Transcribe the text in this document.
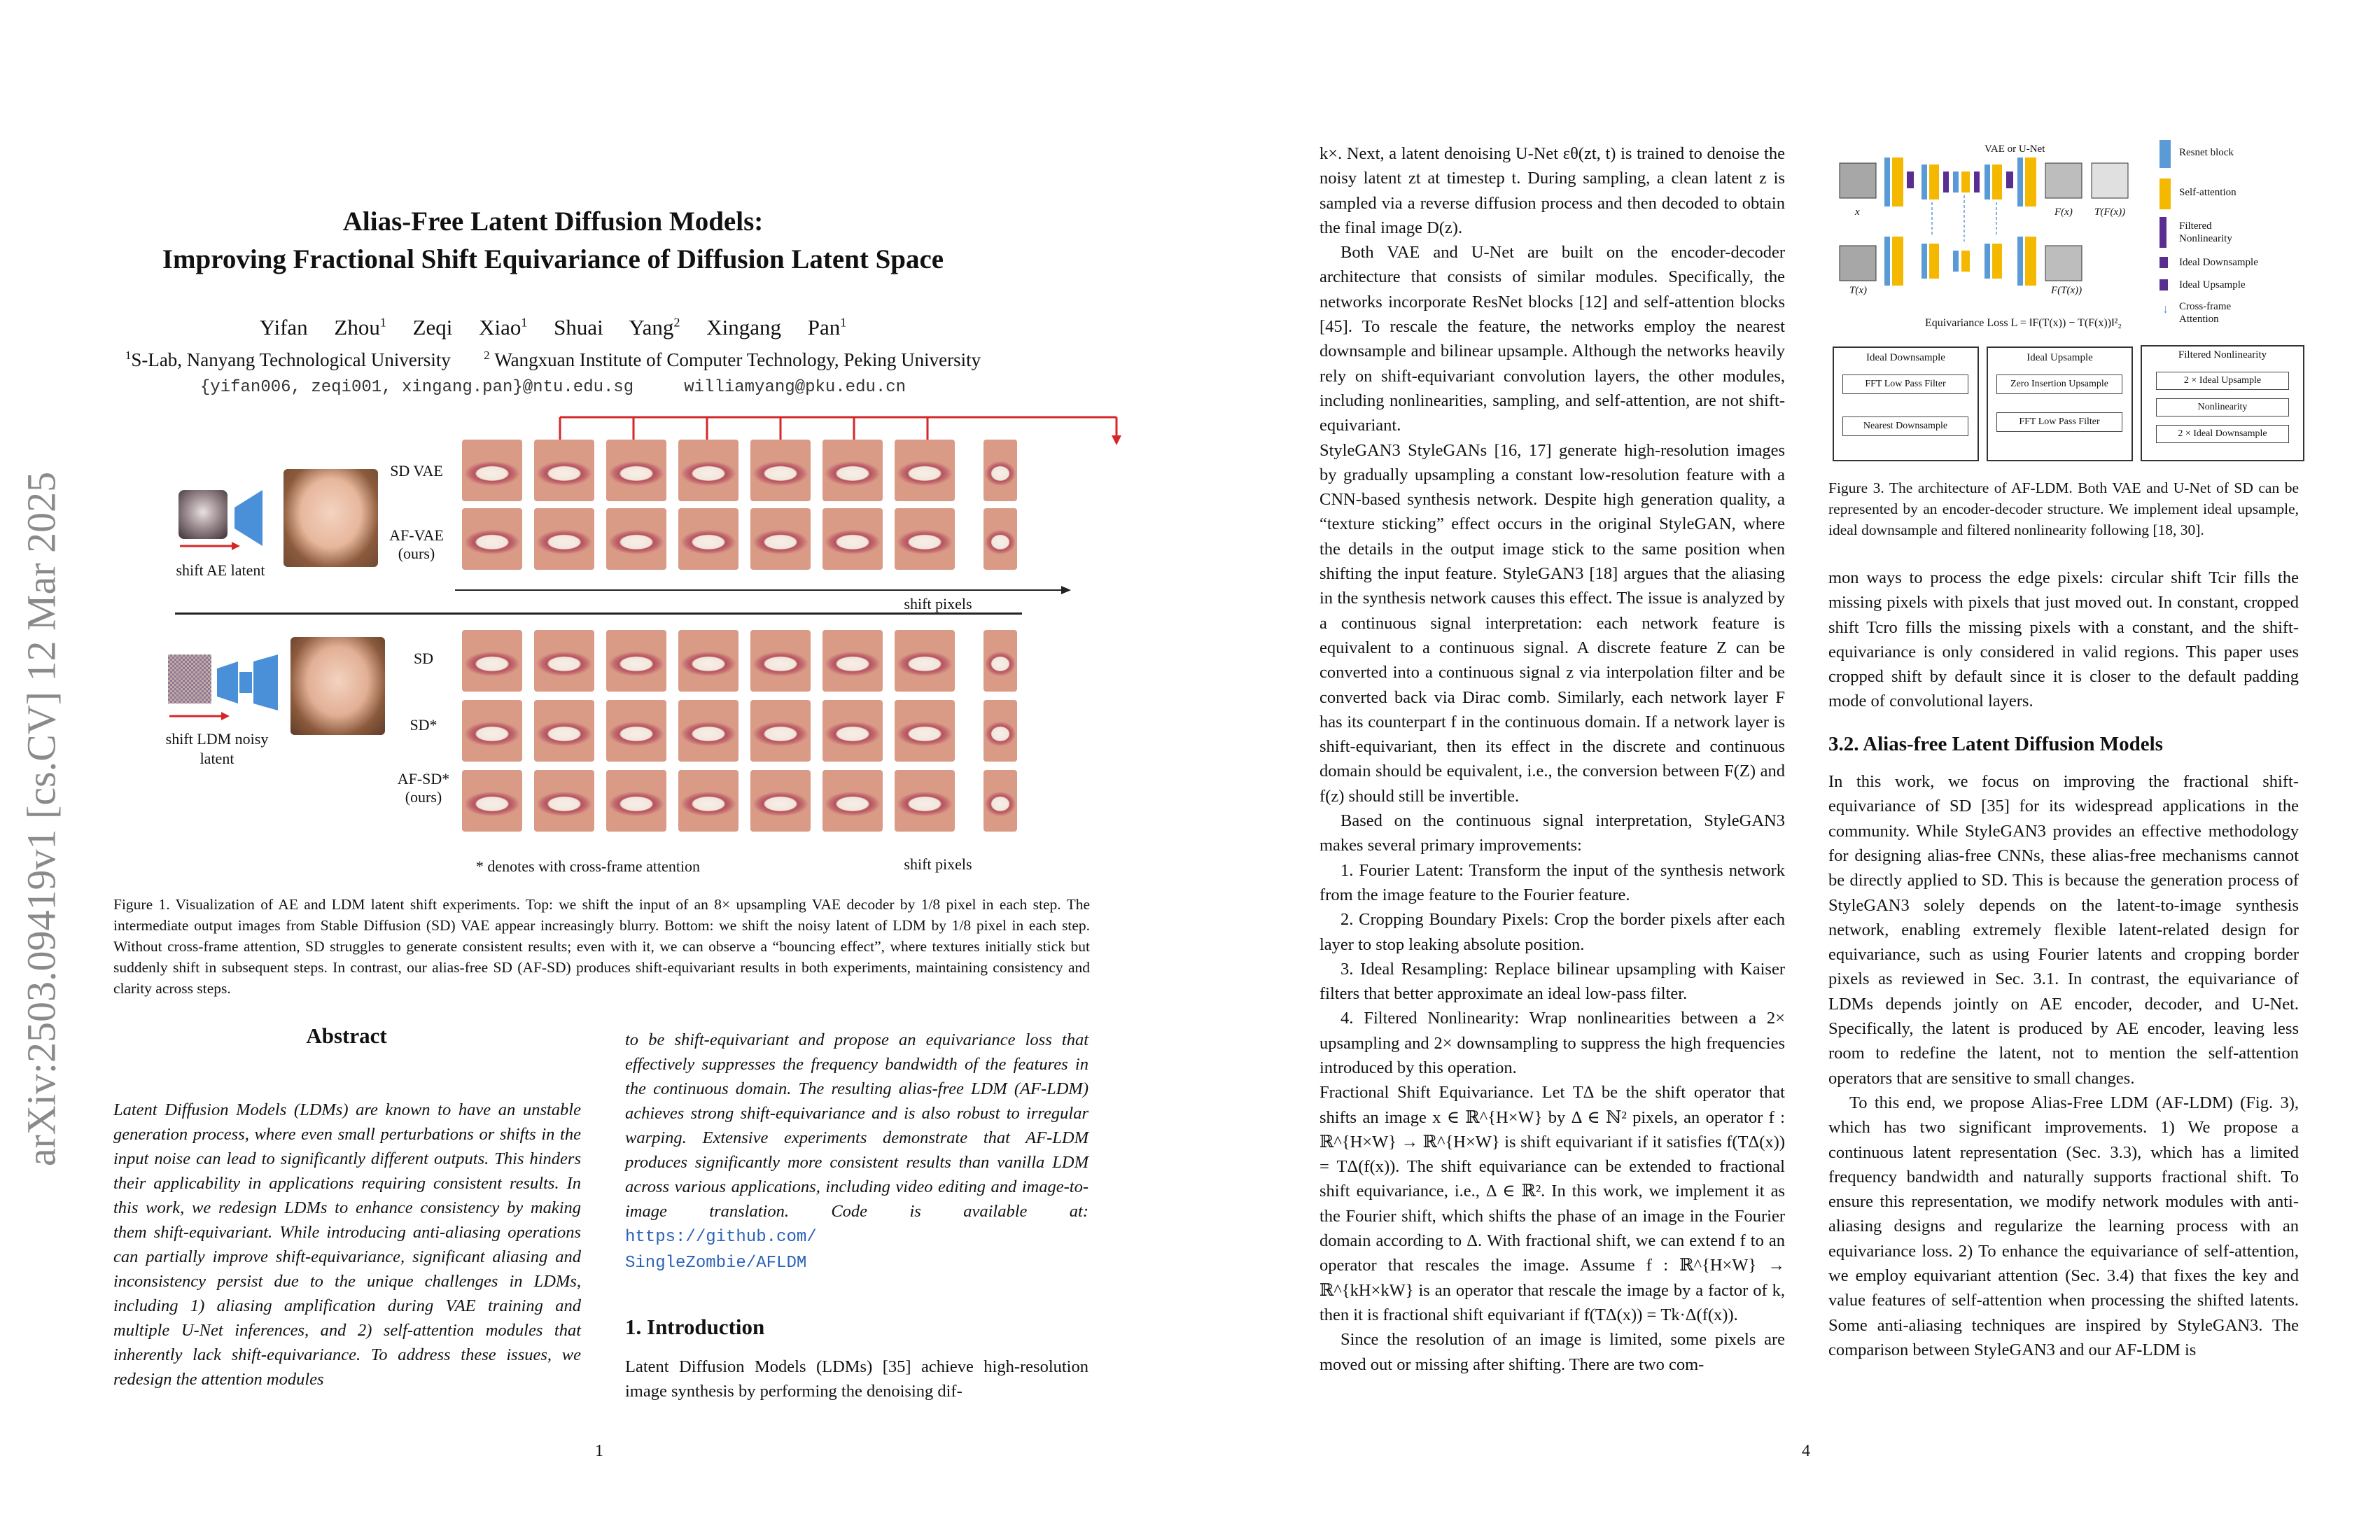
arXiv:2503.09419v1 [cs.CV] 12 Mar 2025
Alias-Free Latent Diffusion Models:
Improving Fractional Shift Equivariance of Diffusion Latent Space
Yifan Zhou$^1$ Zeqi Xiao$^1$ Shuai Yang$^2$ Xingang Pan$^1$
$^1$S-Lab, Nanyang Technological University	$^2$ Wangxuan Institute of Computer Technology, Peking University
{yifan006, zeqi001, xingang.pan}@ntu.edu.sg	williamyang@pku.edu.cn
shift AE latent
SD VAE
AF-VAE
(ours)
shift pixels
shift LDM noisy
latent
SD
SD*
AF-SD*
(ours)
* denotes with cross-frame attention	shift pixels
Figure 1. Visualization of AE and LDM latent shift experiments. Top: we shift the input of an 8× upsampling VAE decoder by 1/8 pixel in each step. The intermediate output images from Stable Diffusion (SD) VAE appear increasingly blurry. Bottom: we shift the noisy latent of LDM by 1/8 pixel in each step. Without cross-frame attention, SD struggles to generate consistent results; even with it, we can observe a “bouncing effect”, where textures initially stick but suddenly shift in subsequent steps. In contrast, our alias-free SD (AF-SD) produces shift-equivariant results in both experiments, maintaining consistency and clarity across steps.
Abstract
Latent Diffusion Models (LDMs) are known to have an unstable generation process, where even small perturbations or shifts in the input noise can lead to significantly different outputs. This hinders their applicability in applications requiring consistent results. In this work, we redesign LDMs to enhance consistency by making them shift-equivariant. While introducing anti-aliasing operations can partially improve shift-equivariance, significant aliasing and inconsistency persist due to the unique challenges in LDMs, including 1) aliasing amplification during VAE training and multiple U-Net inferences, and 2) self-attention modules that inherently lack shift-equivariance. To address these issues, we redesign the attention modules
to be shift-equivariant and propose an equivariance loss that effectively suppresses the frequency bandwidth of the features in the continuous domain. The resulting alias-free LDM (AF-LDM) achieves strong shift-equivariance and is also robust to irregular warping. Extensive experiments demonstrate that AF-LDM produces significantly more consistent results than vanilla LDM across various applications, including video editing and image-to-image translation. Code is available at: https://github.com/
SingleZombie/AFLDM
1. Introduction
Latent Diffusion Models (LDMs) [35] achieve high-resolution image synthesis by performing the denoising dif-
1

k×. Next, a latent denoising U-Net εθ(zt, t) is trained to denoise the noisy latent zt at timestep t. During sampling, a clean latent z is sampled via a reverse diffusion process and then decoded to obtain the final image D(z).

Both VAE and U-Net are built on the encoder-decoder architecture that consists of similar modules. Specifically, the networks incorporate ResNet blocks [12] and self-attention blocks [45]. To rescale the feature, the networks employ the nearest downsample and bilinear upsample. Although the networks heavily rely on shift-equivariant convolution layers, the other modules, including nonlinearities, sampling, and self-attention, are not shift-equivariant.

StyleGAN3 StyleGANs [16, 17] generate high-resolution images by gradually upsampling a constant low-resolution feature with a CNN-based synthesis network. Despite high generation quality, a “texture sticking” effect occurs in the original StyleGAN, where the details in the output image stick to the same position when shifting the input feature. StyleGAN3 [18] argues that the aliasing in the synthesis network causes this effect. The issue is analyzed by a continuous signal interpretation: each network feature is equivalent to a continuous signal. A discrete feature Z can be converted into a continuous signal z via interpolation filter and be converted back via Dirac comb. Similarly, each network layer F has its counterpart f in the continuous domain. If a network layer is shift-equivariant, then its effect in the discrete and continuous domain should be equivalent, i.e., the conversion between F(Z) and f(z) should still be invertible.

Based on the continuous signal interpretation, StyleGAN3 makes several primary improvements:

1. Fourier Latent: Transform the input of the synthesis network from the image feature to the Fourier feature.

2. Cropping Boundary Pixels: Crop the border pixels after each layer to stop leaking absolute position.

3. Ideal Resampling: Replace bilinear upsampling with Kaiser filters that better approximate an ideal low-pass filter.

4. Filtered Nonlinearity: Wrap nonlinearities between a 2× upsampling and 2× downsampling to suppress the high frequencies introduced by this operation.

Fractional Shift Equivariance. Let TΔ be the shift operator that shifts an image x ∈ ℝ^{H×W} by Δ ∈ ℕ² pixels, an operator f : ℝ^{H×W} → ℝ^{H×W} is shift equivariant if it satisfies f(TΔ(x)) = TΔ(f(x)). The shift equivariance can be extended to fractional shift equivariance, i.e., Δ ∈ ℝ². In this work, we implement it as the Fourier shift, which shifts the phase of an image in the Fourier domain according to Δ. With fractional shift, we can extend f to an operator that rescales the image. Assume f : ℝ^{H×W} → ℝ^{kH×kW} is an operator that rescale the image by a factor of k, then it is fractional shift equivariant if f(TΔ(x)) = Tk·Δ(f(x)).

Since the resolution of an image is limited, some pixels are moved out or missing after shifting. There are two com-

VAE or U-Net
x
T(x)
F(x) T(F(x))
F(T(x))
Equivariance Loss L = ‖F(T(x)) − T(F(x))‖²₂
Resnet block
Self-attention
Filtered
Nonlinearity
Ideal Downsample
Ideal Upsample
↓ Cross-frame
Attention
Ideal Downsample
FFT Low Pass Filter
Nearest Downsample
Ideal Upsample
Zero Insertion Upsample
FFT Low Pass Filter
Filtered Nonlinearity
2 × Ideal Upsample
Nonlinearity
2 × Ideal Downsample
Figure 3. The architecture of AF-LDM. Both VAE and U-Net of SD can be represented by an encoder-decoder structure. We implement ideal upsample, ideal downsample and filtered nonlinearity following [18, 30].

mon ways to process the edge pixels: circular shift Tcir fills the missing pixels with pixels that just moved out. In constant, cropped shift Tcro fills the missing pixels with a constant, and the shift-equivariance is only considered in valid regions. This paper uses cropped shift by default since it is closer to the default padding mode of convolutional layers.

3.2. Alias-free Latent Diffusion Models

In this work, we focus on improving the fractional shift-equivariance of SD [35] for its widespread applications in the community. While StyleGAN3 provides an effective methodology for designing alias-free CNNs, these alias-free mechanisms cannot be directly applied to SD. This is because the generation process of StyleGAN3 solely depends on the latent-to-image synthesis network, enabling extremely flexible latent-related design for equivariance, such as using Fourier latents and cropping border pixels as reviewed in Sec. 3.1. In contrast, the equivariance of LDMs depends jointly on AE encoder, decoder, and U-Net. Specifically, the latent is produced by AE encoder, leaving less room to redefine the latent, not to mention the self-attention operators that are sensitive to small changes.

To this end, we propose Alias-Free LDM (AF-LDM) (Fig. 3), which has two significant improvements. 1) We propose a continuous latent representation (Sec. 3.3), which has a limited frequency bandwidth and naturally supports fractional shift. To ensure this representation, we modify network modules with anti-aliasing designs and regularize the learning process with an equivariance loss. 2) To enhance the equivariance of self-attention, we employ equivariant attention (Sec. 3.4) that fixes the key and value features of self-attention when processing the shifted latents. Some anti-aliasing techniques are inspired by StyleGAN3. The comparison between StyleGAN3 and our AF-LDM is

4
